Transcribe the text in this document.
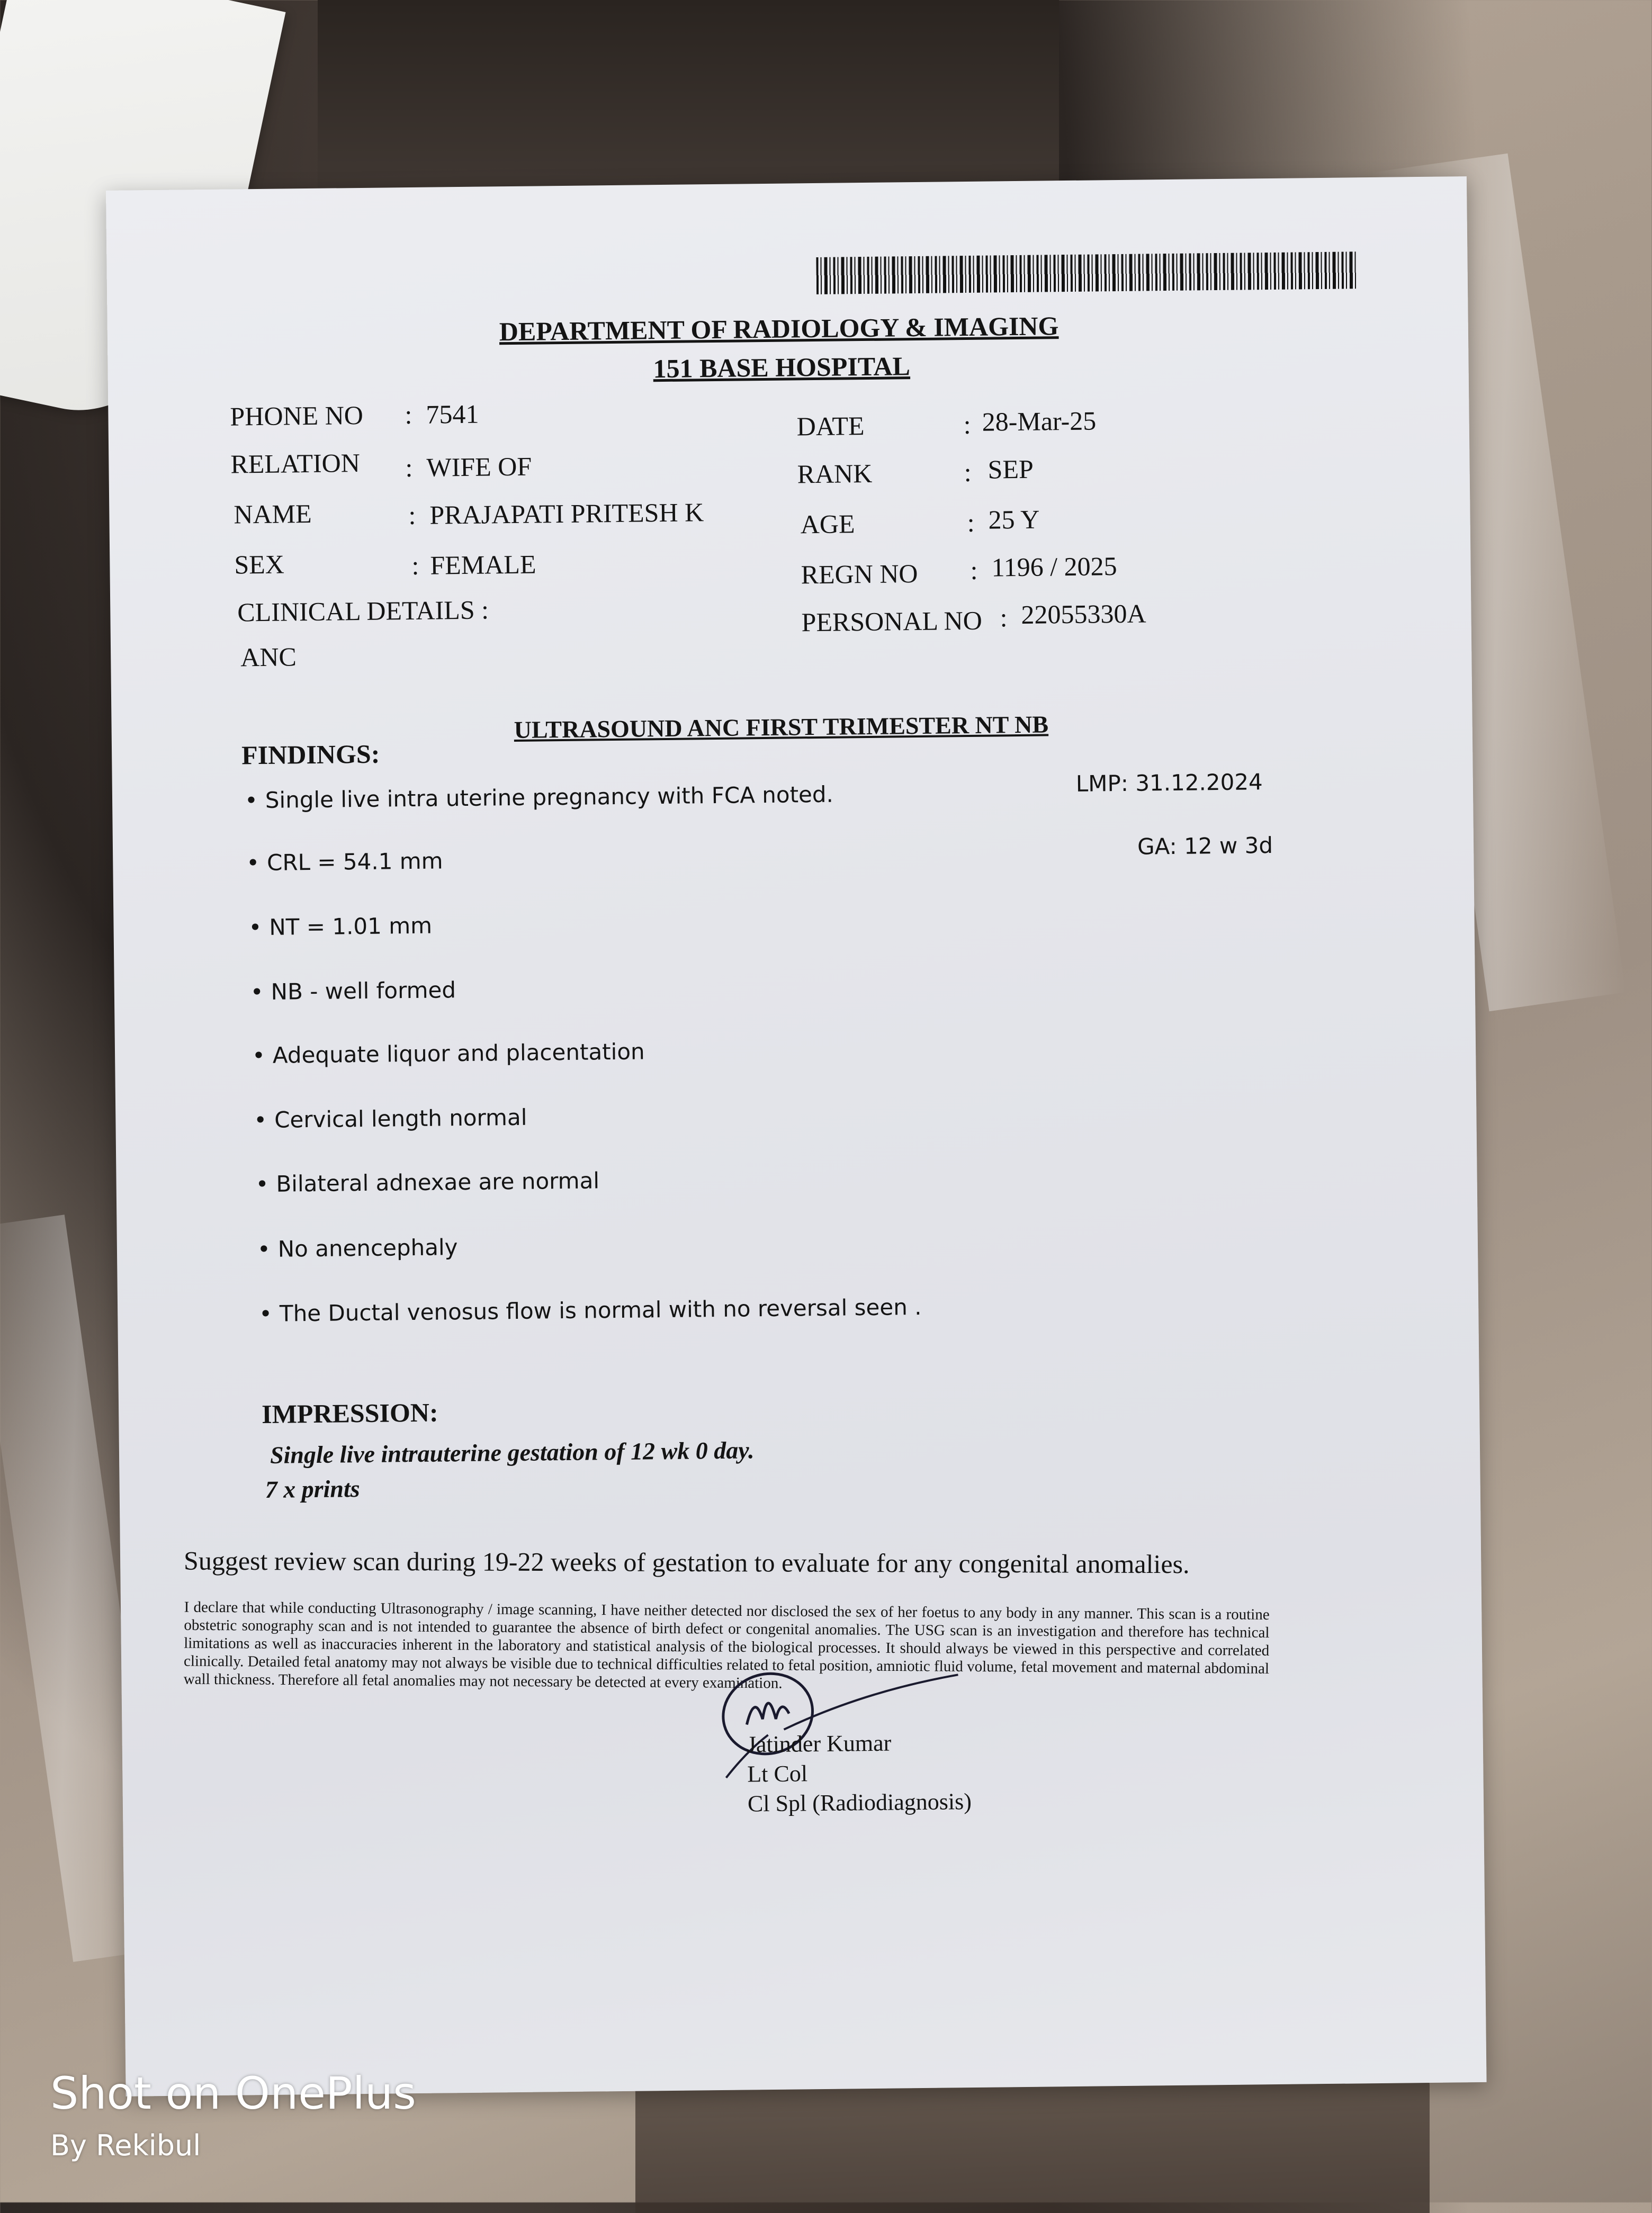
DEPARTMENT OF RADIOLOGY & IMAGING
151 BASE HOSPITAL
PHONE NO : 7541
RELATION : WIFE OF
NAME	: PRAJAPATI PRITESH K
SEX	: FEMALE
CLINICAL DETAILS :
ANC
DATE	: 28-Mar-25
RANK	: SEP
AGE	: 25 Y
REGN NO : 1196 / 2025
PERSONAL NO : 22055330A
ULTRASOUND ANC FIRST TRIMESTER NT NB
FINDINGS:
• Single live intra uterine pregnancy with FCA noted.	LMP: 31.12.2024
• CRL = 54.1 mm
GA: 12 w 3d
• NT = 1.01 mm
• NB - well formed
• Adequate liquor and placentation
• Cervical length normal
• Bilateral adnexae are normal
• No anencephaly
• The Ductal venosus flow is normal with no reversal seen .
IMPRESSION:
Single live intrauterine gestation of 12 wk 0 day.
7 x prints
Suggest review scan during 19-22 weeks of gestation to evaluate for any congenital anomalies.
I declare that while conducting Ultrasonography / image scanning, I have neither detected nor disclosed the sex of her foetus to any body in any manner. This scan is a routine obstetric sonography scan and is not intended to guarantee the absence of birth defect or congenital anomalies. The USG scan is an investigation and therefore has technical limitations as well as inaccuracies inherent in the laboratory and statistical analysis of the biological processes. It should always be viewed in this perspective and correlated clinically. Detailed fetal anatomy may not always be visible due to technical difficulties related to fetal position, amniotic fluid volume, fetal movement and maternal abdominal wall thickness. Therefore all fetal anomalies may not necessary be detected at every examination.
Jatinder Kumar
Lt Col
Cl Spl (Radiodiagnosis)
Shot on OnePlus
By Rekibul
